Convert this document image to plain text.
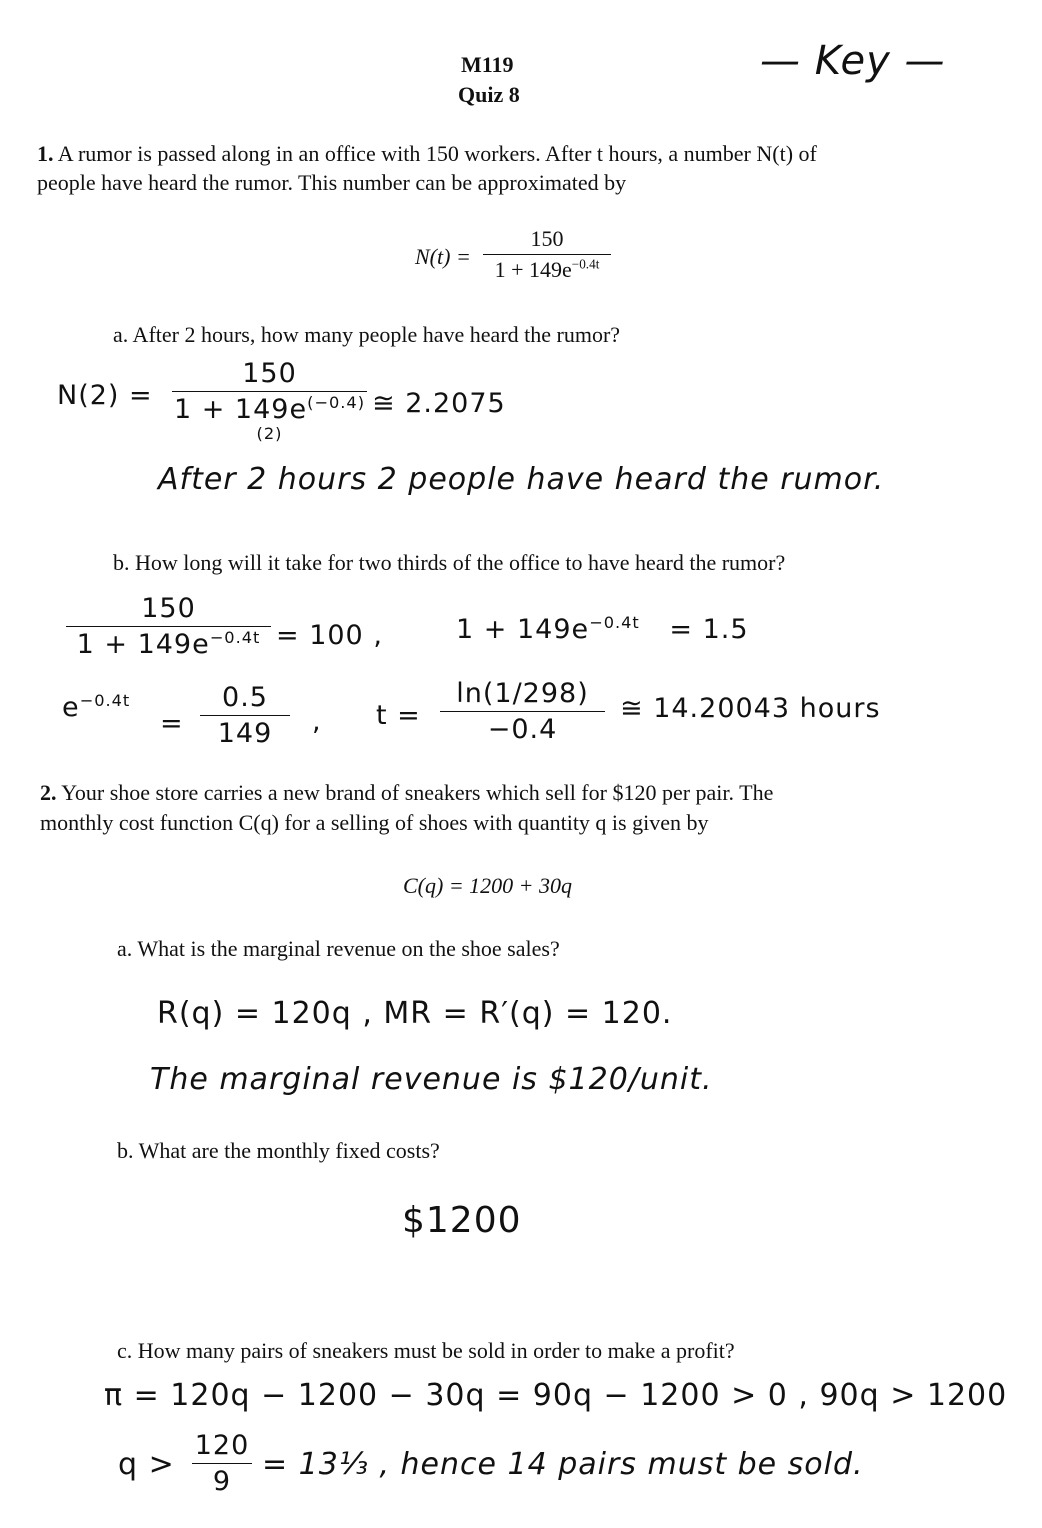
M119
Quiz 8
— Key —
1. A rumor is passed along in an office with 150 workers. After t hours, a number N(t) of
people have heard the rumor. This number can be approximated by
N(t) =
150
$1 + 149e^{-0.4t}$
a. After 2 hours, how many people have heard the rumor?
N(2) =
150
$1 + 149e^{(-0.4)(2)}$
≅ 2.2075
After 2 hours 2 people have heard the rumor.
b. How long will it take for two thirds of the office to have heard the rumor?
150
$1 + 149e^{-0.4t} = 100$ ,	$1 + 149e^{-0.4t} = 1.5$
$e^{-0.4t}$
=
0.5
149	, t =
ln(1/298)
−0.4
≅ 14.20043 hours
2. Your shoe store carries a new brand of sneakers which sell for $120 per pair. The
monthly cost function C(q) for a selling of shoes with quantity q is given by
C(q) = 1200 + 30q
a. What is the marginal revenue on the shoe sales?
R(q) = 120q , MR = R′(q) = 120.
The marginal revenue is $120/unit.
b. What are the monthly fixed costs?
$1200
c. How many pairs of sneakers must be sold in order to make a profit?
π = 120q − 1200 − 30q = 90q − 1200 > 0 , 90q > 1200
q >
120
9	= 13⅓ , hence 14 pairs must be sold.
